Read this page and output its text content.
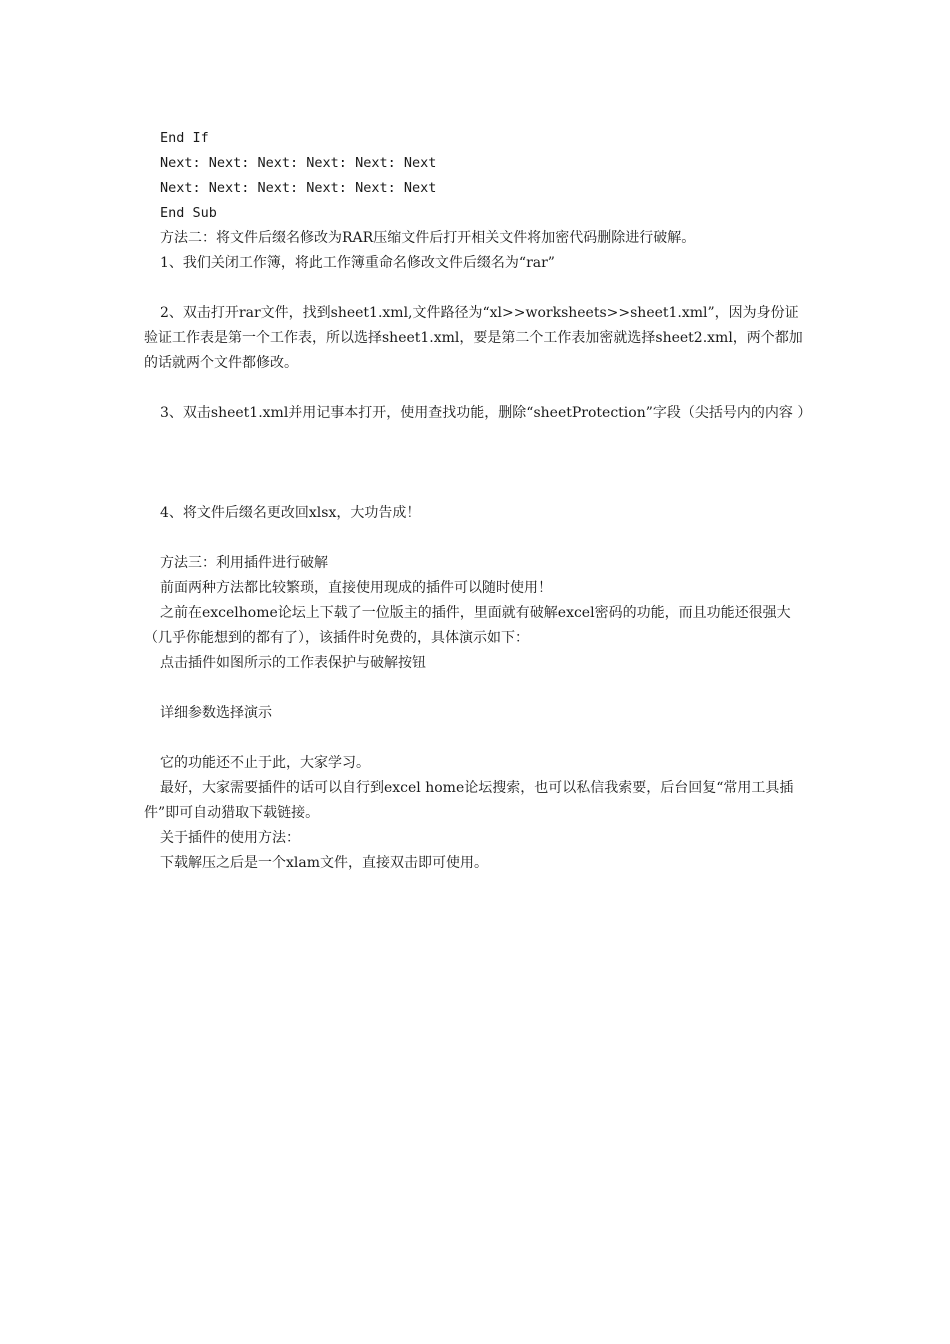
End If
Next: Next: Next: Next: Next: Next
Next: Next: Next: Next: Next: Next
End Sub
方法二：将文件后缀名修改为RAR压缩文件后打开相关文件将加密代码删除进行破解。
1、我们关闭工作簿，将此工作簿重命名修改文件后缀名为“rar”
2、双击打开rar文件，找到sheet1.xml,文件路径为“xl>>worksheets>>sheet1.xml”，因为身份证验证工作表是第一个工作表，所以选择sheet1.xml，要是第二个工作表加密就选择sheet2.xml，两个都加的话就两个文件都修改。
3、双击sheet1.xml并用记事本打开，使用查找功能，删除“sheetProtection”字段（尖括号内的内容 ）
4、将文件后缀名更改回xlsx，大功告成！
方法三：利用插件进行破解
前面两种方法都比较繁琐，直接使用现成的插件可以随时使用！
之前在excelhome论坛上下载了一位版主的插件，里面就有破解excel密码的功能，而且功能还很强大（几乎你能想到的都有了），该插件时免费的，具体演示如下：
点击插件如图所示的工作表保护与破解按钮
详细参数选择演示
它的功能还不止于此，大家学习。
最好，大家需要插件的话可以自行到excel home论坛搜索，也可以私信我索要，后台回复“常用工具插件”即可自动猎取下载链接。
关于插件的使用方法：
下载解压之后是一个xlam文件，直接双击即可使用。
